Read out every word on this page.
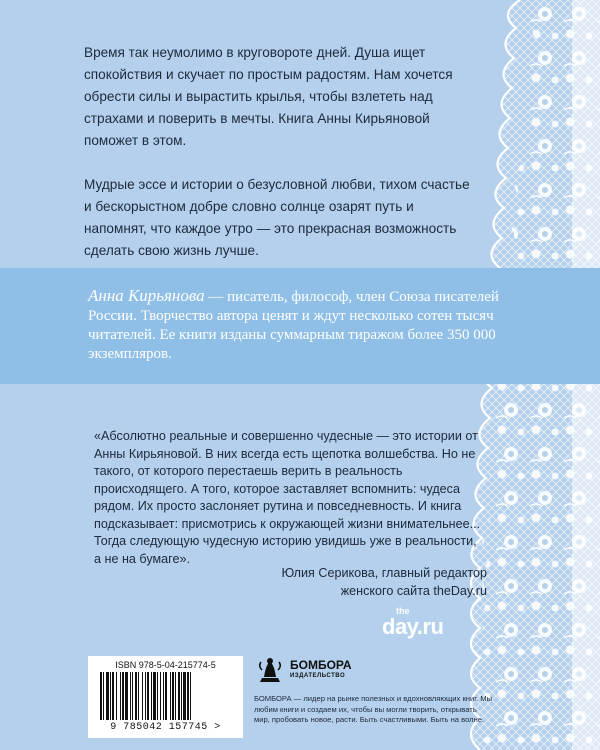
Время так неумолимо в круговороте дней. Душа ищет спокойствия и скучает по простым радостям. Нам хочется обрести силы и вырастить крылья, чтобы взлететь над страхами и поверить в мечты. Книга Анны Кирьяновой поможет в этом.

Мудрые эссе и истории о безусловной любви, тихом счастье и бескорыстном добре словно солнце озарят путь и напомнят, что каждое утро — это прекрасная возможность сделать свою жизнь лучше.

Анна Кирьянова — писатель, философ, член Союза писателей России. Творчество автора ценят и ждут несколько сотен тысяч читателей. Ее книги изданы суммарным тиражом более 350 000 экземпляров.
«Абсолютно реальные и совершенно чудесные — это истории от Анны Кирьяновой. В них всегда есть щепотка волшебства. Но не такого, от которого перестаешь верить в реальность происходящего. А того, которое заставляет вспомнить: чудеса рядом. Их просто заслоняет рутина и повседневность. И книга подсказывает: присмотрись к окружающей жизни внимательнее... Тогда следующую чудесную историю увидишь уже в реальности, а не на бумаге».
Юлия Серикова, главный редактор
женского сайта theDay.ru
the
day.ru
ISBN 978-5-04-215774-5
9 785042 157745 >
БОМБОРА
ИЗДАТЕЛЬСТВО
БОМБОРА — лидер на рынке полезных и вдохновляющих книг. Мы любим книги и создаем их, чтобы вы могли творить, открывать мир, пробовать новое, расти. Быть счастливыми. Быть на волне.
